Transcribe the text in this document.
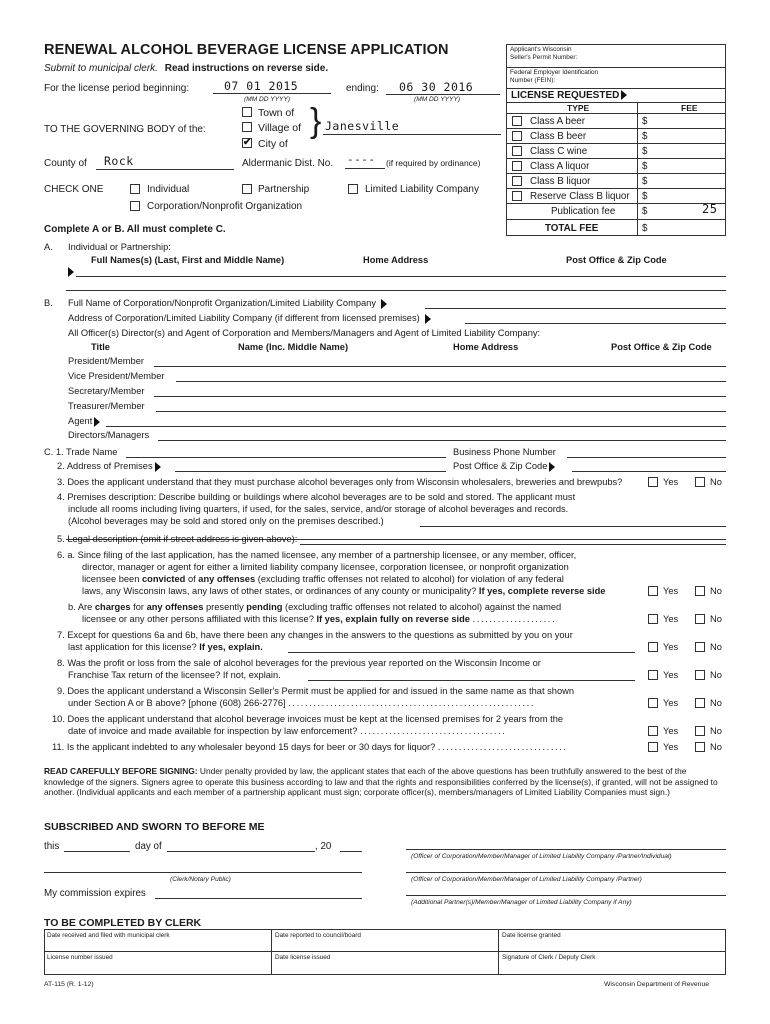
RENEWAL ALCOHOL BEVERAGE LICENSE APPLICATION
Submit to municipal clerk. Read instructions on reverse side.
For the license period beginning:	07 01 2015
(MM DD YYYY)
ending: 06 30 2016
(MM DD YYYY)
Town of
TO THE GOVERNING BODY of the:	Village of
✔ City of
} Janesville
County of Rock	Aldermanic Dist. No. ---- (if required by ordinance)
CHECK ONE	Individual	Partnership	Limited Liability Company
Corporation/Nonprofit Organization
Complete A or B. All must complete C.
Applicant's Wisconsin
Seller's Permit Number:
Federal Employer Identification
Number (FEIN):
LICENSE REQUESTED
TYPE	FEE
Class A beer	$
Class B beer	$
Class C wine	$
Class A liquor	$
Class B liquor	$
Reserve Class B liquor $
Publication fee	$	25
TOTAL FEE	$
A. Individual or Partnership:
Full Names(s) (Last, First and Middle Name)	Home Address	Post Office & Zip Code
B. Full Name of Corporation/Nonprofit Organization/Limited Liability Company
Address of Corporation/Limited Liability Company (if different from licensed premises)
All Officer(s) Director(s) and Agent of Corporation and Members/Managers and Agent of Limited Liability Company:
Title	Name (Inc. Middle Name)	Home Address	Post Office & Zip Code
President/Member
Vice President/Member
Secretary/Member
Treasurer/Member
Agent
Directors/Managers
C. 1. Trade Name	Business Phone Number
2. Address of Premises	Post Office & Zip Code
3. Does the applicant understand that they must purchase alcohol beverages only from Wisconsin wholesalers, breweries and brewpubs?	Yes	No
4. Premises description: Describe building or buildings where alcohol beverages are to be sold and stored. The applicant must
include all rooms including living quarters, if used, for the sales, service, and/or storage of alcohol beverages and records.
(Alcohol beverages may be sold and stored only on the premises described.)
5. Legal description (omit if street address is given above):
6. a. Since filing of the last application, has the named licensee, any member of a partnership licensee, or any member, officer,
director, manager or agent for either a limited liability company licensee, corporation licensee, or nonprofit organization
licensee been convicted of any offenses (excluding traffic offenses not related to alcohol) for violation of any federal
laws, any Wisconsin laws, any laws of other states, or ordinances of any county or municipality? If yes, complete reverse side	Yes	No
b. Are charges for any offenses presently pending (excluding traffic offenses not related to alcohol) against the named
licensee or any other persons affiliated with this license? If yes, explain fully on reverse side ....................	Yes	No
7. Except for questions 6a and 6b, have there been any changes in the answers to the questions as submitted by you on your
last application for this license? If yes, explain.	Yes	No
8. Was the profit or loss from the sale of alcohol beverages for the previous year reported on the Wisconsin Income or
Franchise Tax return of the licensee? If not, explain.	Yes	No
9. Does the applicant understand a Wisconsin Seller's Permit must be applied for and issued in the same name as that shown
under Section A or B above? [phone (608) 266-2776] ...........................................................	Yes	No
10. Does the applicant understand that alcohol beverage invoices must be kept at the licensed premises for 2 years from the
date of invoice and made available for inspection by law enforcement? ...................................	Yes	No
11. Is the applicant indebted to any wholesaler beyond 15 days for beer or 30 days for liquor? ...............................	Yes	No
READ CAREFULLY BEFORE SIGNING: Under penalty provided by law, the applicant states that each of the above questions has been truthfully answered to the best of the knowledge of the signers. Signers agree to operate this business according to law and that the rights and responsibilities conferred by the license(s), if granted, will not be assigned to another. (Individual applicants and each member of a partnership applicant must sign; corporate officer(s), members/managers of Limited Liability Companies must sign.)
SUBSCRIBED AND SWORN TO BEFORE ME
this	day of	, 20
(Officer of Corporation/Member/Manager of Limited Liability Company /Partner/Individual)
(Clerk/Notary Public)	(Officer of Corporation/Member/Manager of Limited Liability Company /Partner)
My commission expires
(Additional Partner(s)/Member/Manager of Limited Liability Company if Any)
TO BE COMPLETED BY CLERK
Date received and filed with municipal clerk	Date reported to council/board	Date license granted
License number issued	Date license issued	Signature of Clerk / Deputy Clerk
AT-115 (R. 1-12)	Wisconsin Department of Revenue
